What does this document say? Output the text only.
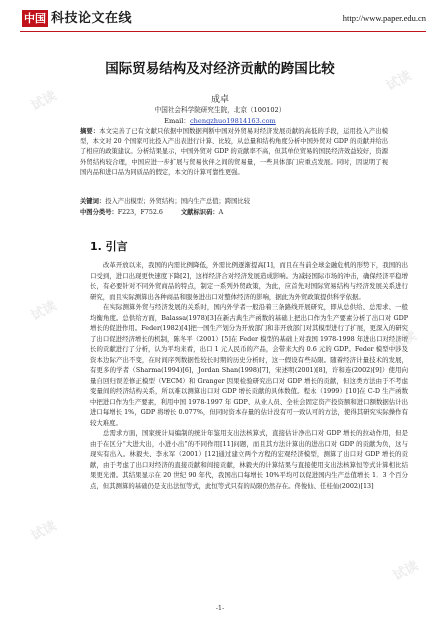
中国 科技论文在线	http://www.paper.edu.cn
国际贸易结构及对经济贡献的跨国比较
成卓
中国社会科学院研究生院，北京（100102）
Email：chengzhuo19814163.com
摘要：本文完善了已有文献只依据中国数据判断中国对外贸易对经济发展贡献的高低的手段，运用投入产出模型，本文对 20 个国家可比投入产出表进行计算、比较，从总量和结构角度分析中国外贸对 GDP 的贡献并给出了相应的政策建议。分析结果显示，中国外贸对 GDP 的贡献率不高，但其单位贸易的国民经济效益较好，资源外贸结构较合理，中国应进一步扩展与贸易伙伴之间的贸易量，一些具体部门应重点发展。同时，因说明了视国内品和进口品为同质品的假定，本文的计算可靠性更强。
关键词：投入产出模型；外贸结构；国内生产总值；跨国比较
中图分类号：F223，F752.6	文献标识码：A
1. 引言

改革开放以来，我国的内需比例降低，外需比例逐渐提高[1]，而且在当前全球金融危机的形势下，我国的出口受到，进口出现更快速度下降[2]，这样经济合对经济发展造成影响。为减轻国际市场的冲击，确保经济平稳增长，有必要针对不同外贸商品的特点，制定一系列外贸政策，为此，应首先对国际贸易结构与经济发展关系进行研究，而且实际测算出各种商品和服务进出口对整体经济的影响，据此为外贸政策提供科学依据。

在实际测算外贸与经济发展的关系时，国内外学者一般沿着三条路线开展研究，即从总供给、总需求、一般均衡角度。总供给方面，Balassa(1978)[3]在新古典生产函数的基础上把出口作为生产要素分析了出口对 GDP 增长的促进作用。Feder(1982)[4]把一国生产划分为开放部门和非开放部门对其模型进行了扩展，更深入的研究了出口促进经济增长的机制，陈冬平（2001）[5]在 Feder 模型的基础上对我国 1978-1998 年进出口对经济增长的贡献进行了分析，认为平均来看，出口 1 元人民币的产品，会带来大约 0.6 元的 GDP。Feder 模型中涉及资本边际产出不变，在时间序列数据性较长时期的历史分析时，这一假设有些局限。随着经济计量技术的发展，有更多的学者（Sharma(1994)[6]，Jordan Shan(1998)[7]，宋述明(2001)[8]，许和连(2002)[9]）使用向量自回归误差修正模型（VECM）和 Granger 因果检验研究出口对 GDP 增长的贡献，但这类方法由于不考虑变量间的经济结构关系，所以难以测算出口对 GDP 增长贡献的具体数值。程永（1999）[10]在 C-D 生产函数中把进口作为生产要素，利用中国 1978-1997 年 GDP、从业人员、全社会固定资产投资额和进口额数据估计出进口每增长 1%，GDP 将增长 0.077%，但同时资本存量的估计没有可一致认可的方法，使得其研究实际操作有较大难度。

总需求方面，国家统计局编制的统计年鉴用支出法核算式，直接估计净出口对 GDP 增长的拉动作用，但是由于在区分“大进大出，小进小出”的不同作用[11]问题，而且其方法计算出的进出口对 GDP 的贡献为负，这与现实有出入。林毅夫、李永军（2001）[12]通过建立两个方程的宏观经济模型，测算了出口对 GDP 增长的贡献，由于考虑了出口对经济的直接贡献和间接贡献，林毅夫的计算结果与直接使用支出法核算恒等式计算相比结果更光滑。其结果显示在 20 世纪 90 年代，我国出口每增长 10%平均可以促进国内生产总值增长 1．3 个百分点，但其测算的基础仍是支出法恒等式，此恒等式只有的局限仍然存在。佟俊仙、任桂仙(2002)[13]

-1-
试读
试读
试读
试读
试读
试读
